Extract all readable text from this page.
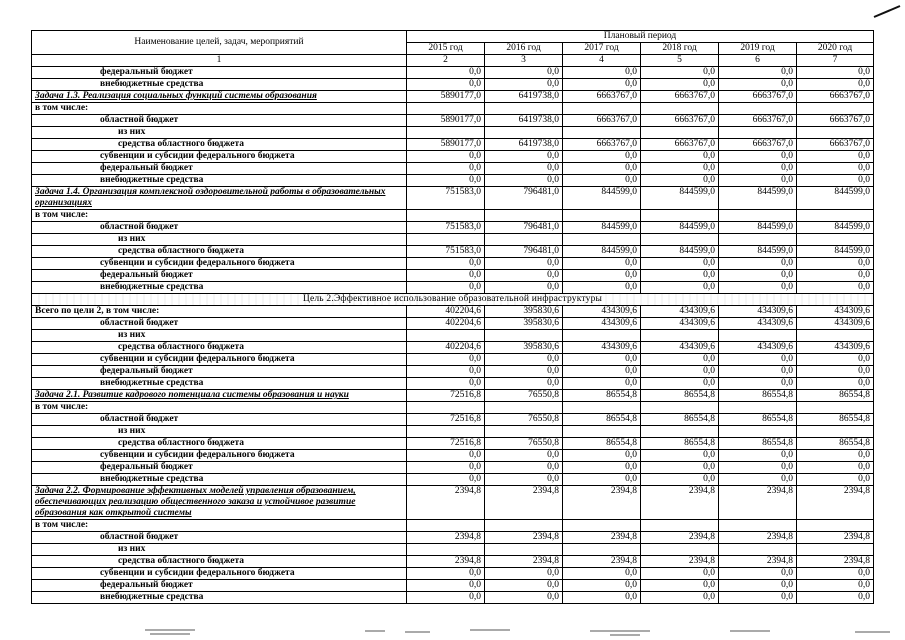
Наименование целей, задач, мероприятий	Плановый период					
	2015 год	2016 год	2017 год	2018 год	2019 год	2020 год
1	2	3	4	5	6	7
федеральный бюджет	0,0	0,0	0,0	0,0	0,0	0,0
внебюджетные средства	0,0	0,0	0,0	0,0	0,0	0,0
Задача 1.3. Реализация социальных функций системы образования	5890177,0	6419738,0	6663767,0	6663767,0	6663767,0	6663767,0
в том числе:						
областной бюджет	5890177,0	6419738,0	6663767,0	6663767,0	6663767,0	6663767,0
из них						
средства областного бюджета	5890177,0	6419738,0	6663767,0	6663767,0	6663767,0	6663767,0
субвенции и субсидии федерального бюджета	0,0	0,0	0,0	0,0	0,0	0,0
федеральный бюджет	0,0	0,0	0,0	0,0	0,0	0,0
внебюджетные средства	0,0	0,0	0,0	0,0	0,0	0,0
Задача 1.4. Организация комплексной оздоровительной работы в образовательных организациях	751583,0	796481,0	844599,0	844599,0	844599,0	844599,0
в том числе:						
областной бюджет	751583,0	796481,0	844599,0	844599,0	844599,0	844599,0
из них						
средства областного бюджета	751583,0	796481,0	844599,0	844599,0	844599,0	844599,0
субвенции и субсидии федерального бюджета	0,0	0,0	0,0	0,0	0,0	0,0
федеральный бюджет	0,0	0,0	0,0	0,0	0,0	0,0
внебюджетные средства	0,0	0,0	0,0	0,0	0,0	0,0
Цель 2.Эффективное использование образовательной инфраструктуры						
Всего по цели 2, в том числе:	402204,6	395830,6	434309,6	434309,6	434309,6	434309,6
областной бюджет	402204,6	395830,6	434309,6	434309,6	434309,6	434309,6
из них						
средства областного бюджета	402204,6	395830,6	434309,6	434309,6	434309,6	434309,6
субвенции и субсидии федерального бюджета	0,0	0,0	0,0	0,0	0,0	0,0
федеральный бюджет	0,0	0,0	0,0	0,0	0,0	0,0
внебюджетные средства	0,0	0,0	0,0	0,0	0,0	0,0
Задача 2.1. Развитие кадрового потенциала системы образования и науки	72516,8	76550,8	86554,8	86554,8	86554,8	86554,8
в том числе:						
областной бюджет	72516,8	76550,8	86554,8	86554,8	86554,8	86554,8
из них						
средства областного бюджета	72516,8	76550,8	86554,8	86554,8	86554,8	86554,8
субвенции и субсидии федерального бюджета	0,0	0,0	0,0	0,0	0,0	0,0
федеральный бюджет	0,0	0,0	0,0	0,0	0,0	0,0
внебюджетные средства	0,0	0,0	0,0	0,0	0,0	0,0
Задача 2.2. Формирование эффективных моделей управления образованием, обеспечивающих реализацию общественного заказа и устойчивое развитие образования как открытой системы	2394,8	2394,8	2394,8	2394,8	2394,8	2394,8
в том числе:						
областной бюджет	2394,8	2394,8	2394,8	2394,8	2394,8	2394,8
из них						
средства областного бюджета	2394,8	2394,8	2394,8	2394,8	2394,8	2394,8
субвенции и субсидии федерального бюджета	0,0	0,0	0,0	0,0	0,0	0,0
федеральный бюджет	0,0	0,0	0,0	0,0	0,0	0,0
внебюджетные средства	0,0	0,0	0,0	0,0	0,0	0,0
